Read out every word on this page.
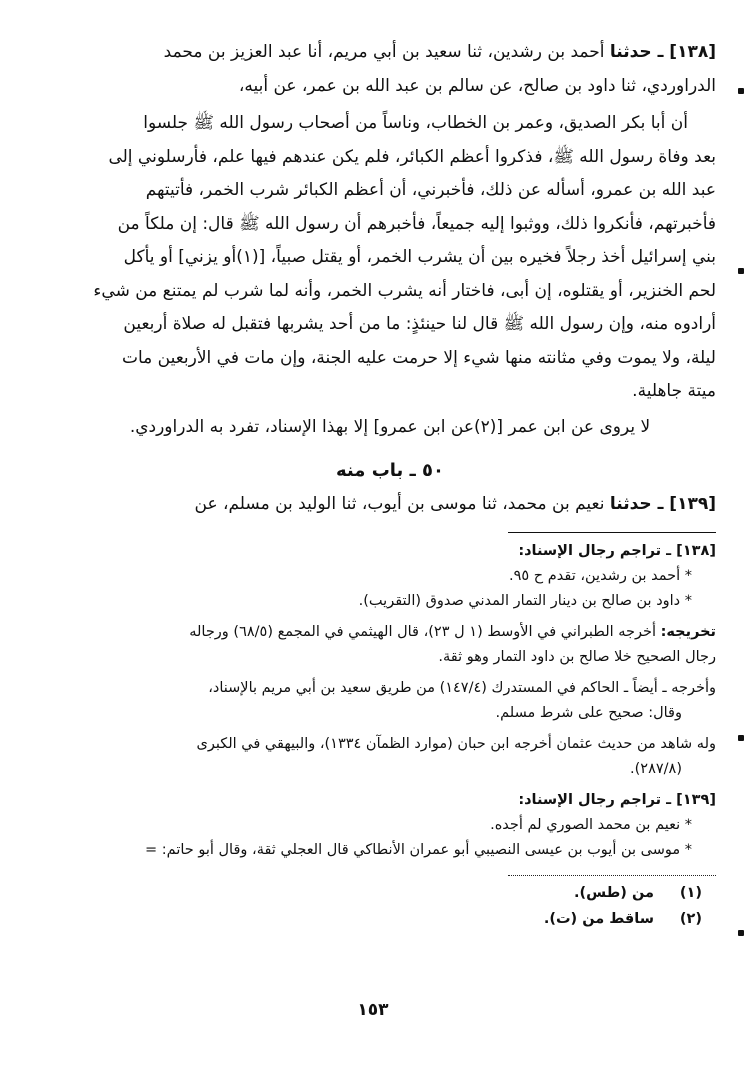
[١٣٨] ـ حدثنا أحمد بن رشدين، ثنا سعيد بن أبي مريم، أنا عبد العزيز بن محمد

الدراوردي، ثنا داود بن صالح، عن سالم بن عبد الله بن عمر، عن أبيه،

أن أبا بكر الصديق، وعمر بن الخطاب، وناساً من أصحاب رسول الله ﷺ جلسوا

بعد وفاة رسول الله ﷺ، فذكروا أعظم الكبائر، فلم يكن عندهم فيها علم، فأرسلوني إلى

عبد الله بن عمرو، أسأله عن ذلك، فأخبرني، أن أعظم الكبائر شرب الخمر، فأتيتهم

فأخبرتهم، فأنكروا ذلك، ووثبوا إليه جميعاً، فأخبرهم أن رسول الله ﷺ قال: إن ملكاً من

بني إسرائيل أخذ رجلاً فخيره بين أن يشرب الخمر، أو يقتل صبياً، [(١)أو يزني] أو يأكل

لحم الخنزير، أو يقتلوه، إن أبى، فاختار أنه يشرب الخمر، وأنه لما شرب لم يمتنع من شيء

أرادوه منه، وإن رسول الله ﷺ قال لنا حينئذٍ: ما من أحد يشربها فتقبل له صلاة أربعين

ليلة، ولا يموت وفي مثانته منها شيء إلا حرمت عليه الجنة، وإن مات في الأربعين مات

ميتة جاهلية.

لا يروى عن ابن عمر [(٢)عن ابن عمرو] إلا بهذا الإسناد، تفرد به الدراوردي.

٥٠ ـ باب منه

[١٣٩] ـ حدثنا نعيم بن محمد، ثنا موسى بن أيوب، ثنا الوليد بن مسلم، عن

[١٣٨] ـ تراجم رجال الإسناد:

* أحمد بن رشدين، تقدم ح ٩٥.

* داود بن صالح بن دينار التمار المدني صدوق (التقريب).

تخريجه: أخرجه الطبراني في الأوسط (١ ل ٢٣)، قال الهيثمي في المجمع (٦٨/٥) ورجاله

رجال الصحيح خلا صالح بن داود التمار وهو ثقة.

وأخرجه ـ أيضاً ـ الحاكم في المستدرك (١٤٧/٤) من طريق سعيد بن أبي مريم بالإسناد،

وقال: صحيح على شرط مسلم.

وله شاهد من حديث عثمان أخرجه ابن حبان (موارد الظمآن ١٣٣٤)، والبيهقي في الكبرى

(٢٨٧/٨).

[١٣٩] ـ تراجم رجال الإسناد:

* نعيم بن محمد الصوري لم أجده.

* موسى بن أيوب بن عيسى النصيبي أبو عمران الأنطاكي قال العجلي ثقة، وقال أبو حاتم: =

(١)
من (طس).
(٢)
ساقط من (ت).
١٥٣
